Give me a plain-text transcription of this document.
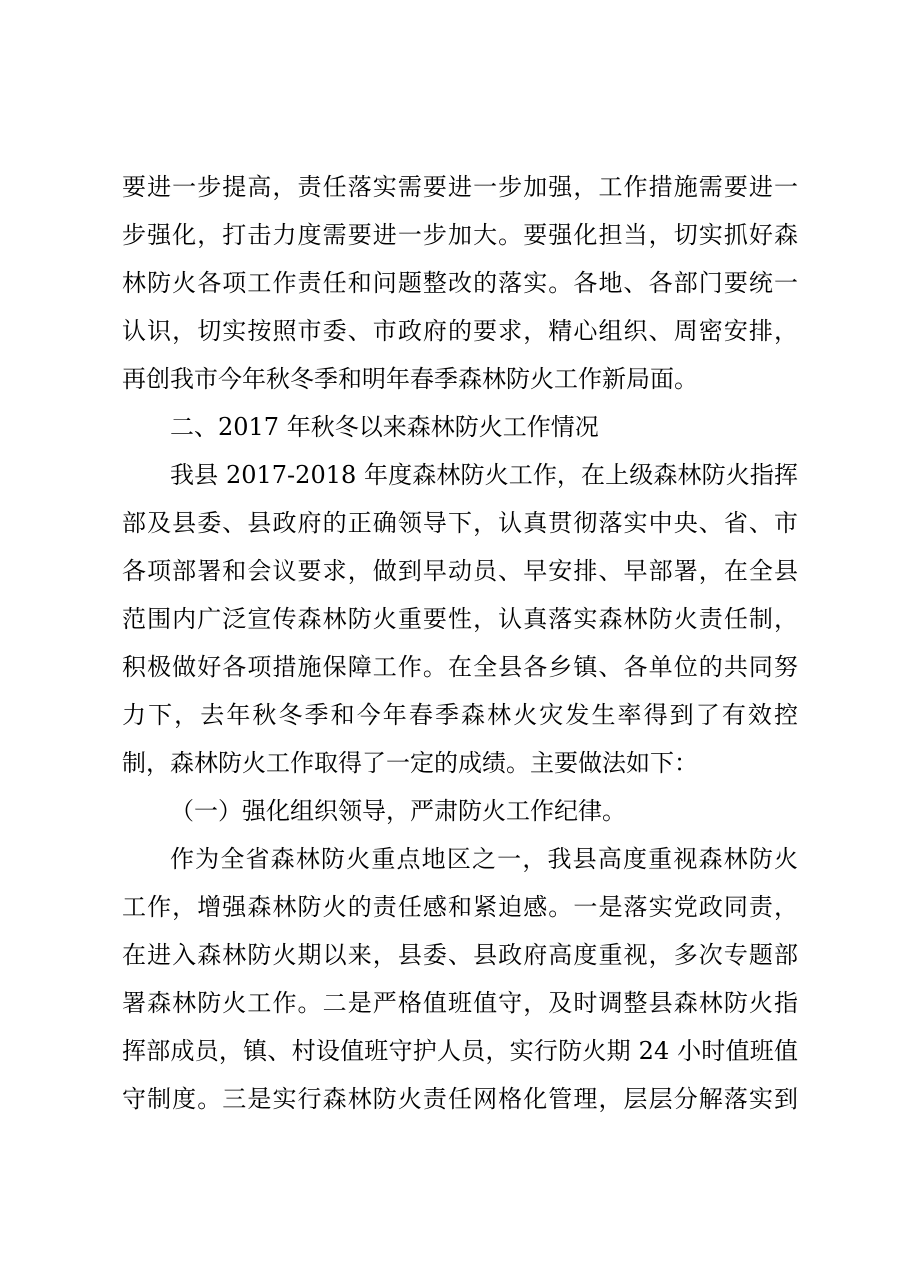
要进一步提高，责任落实需要进一步加强，工作措施需要进一
步强化，打击力度需要进一步加大。要强化担当，切实抓好森
林防火各项工作责任和问题整改的落实。各地、各部门要统一
认识，切实按照市委、市政府的要求，精心组织、周密安排，
再创我市今年秋冬季和明年春季森林防火工作新局面。
二、2017 年秋冬以来森林防火工作情况
我县 2017-2018 年度森林防火工作，在上级森林防火指挥
部及县委、县政府的正确领导下，认真贯彻落实中央、省、市
各项部署和会议要求，做到早动员、早安排、早部署，在全县
范围内广泛宣传森林防火重要性，认真落实森林防火责任制，
积极做好各项措施保障工作。在全县各乡镇、各单位的共同努
力下，去年秋冬季和今年春季森林火灾发生率得到了有效控
制，森林防火工作取得了一定的成绩。主要做法如下：
（一）强化组织领导，严肃防火工作纪律。
作为全省森林防火重点地区之一，我县高度重视森林防火
工作，增强森林防火的责任感和紧迫感。一是落实党政同责，
在进入森林防火期以来，县委、县政府高度重视，多次专题部
署森林防火工作。二是严格值班值守，及时调整县森林防火指
挥部成员，镇、村设值班守护人员，实行防火期 24 小时值班值
守制度。三是实行森林防火责任网格化管理，层层分解落实到
